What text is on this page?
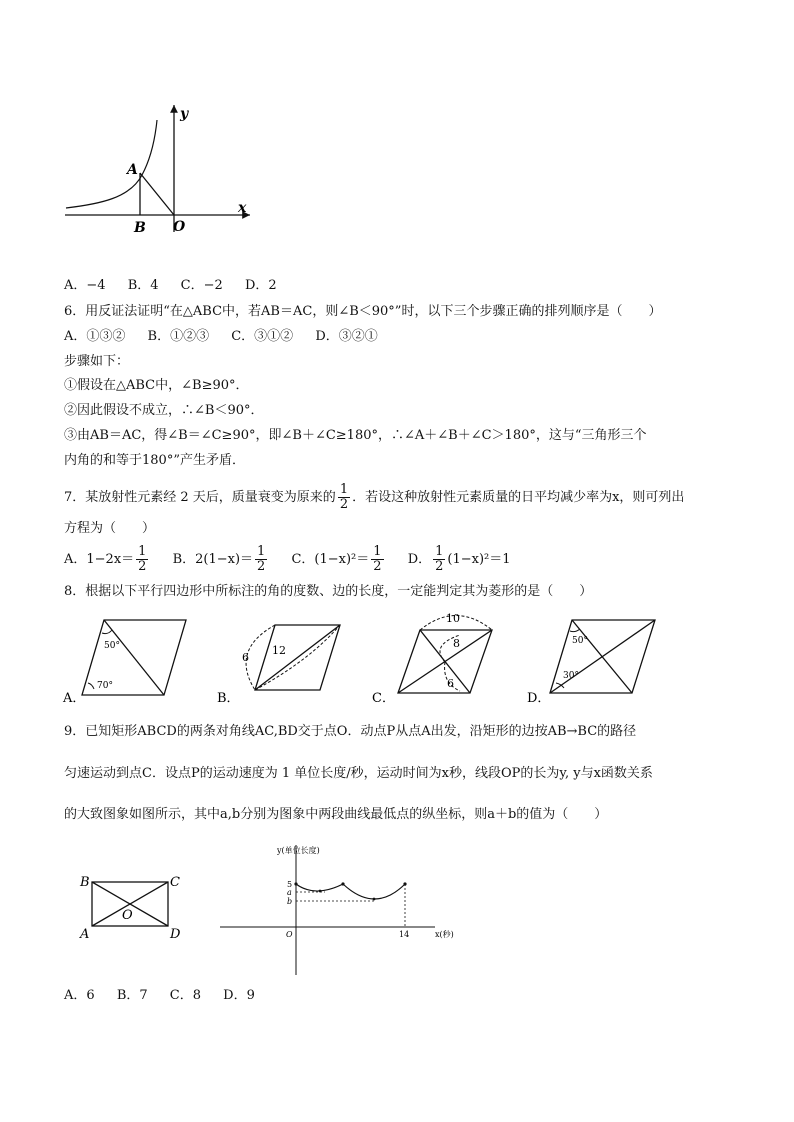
y
x
A
B O
A．−4 B．4 C．−2 D．2
6．用反证法证明“在△ABC中，若AB＝AC，则∠B＜90°”时，以下三个步骤正确的排列顺序是（　　）
A．①③② B．①②③ C．③①② D．③②①
步骤如下：
①假设在△ABC中，∠B≥90°．
②因此假设不成立，∴∠B＜90°．
③由AB＝AC，得∠B＝∠C≥90°，即∠B＋∠C≥180°，∴∠A＋∠B＋∠C＞180°，这与“三角形三个
内角的和等于180°”产生矛盾．
7．某放射性元素经 2 天后，质量衰变为原来的 $\frac{1}{2}$ ．若设这种放射性元素质量的日平均减少率为x，则可列出
方程为（　　）
A．$1-2x= \frac{1}{2}$ B．$2(1-x)= \frac{1}{2}$ C．$(1-x)^2= \frac{1}{2}$ D． $\frac{1}{2} (1-x)^2=1$
8．根据以下平行四边形中所标注的角的度数、边的长度，一定能判定其为菱形的是（　　）
50°
70°
A．
6
12
B．
10
8
6
C．
50°
30°
D．
9．已知矩形ABCD的两条对角线AC,BD交于点O．动点P从点A出发，沿矩形的边按AB→BC的路径
匀速运动到点C．设点P的运动速度为 1 单位长度/秒，运动时间为x秒，线段OP的长为y, y与x函数关系
的大致图象如图所示，其中a,b分别为图象中两段曲线最低点的纵坐标，则a＋b的值为（　　）
B	C
A	D
O
y(单位长度)
x(秒)
5
a
b
O	14
A．6 B．7 C．8 D．9
